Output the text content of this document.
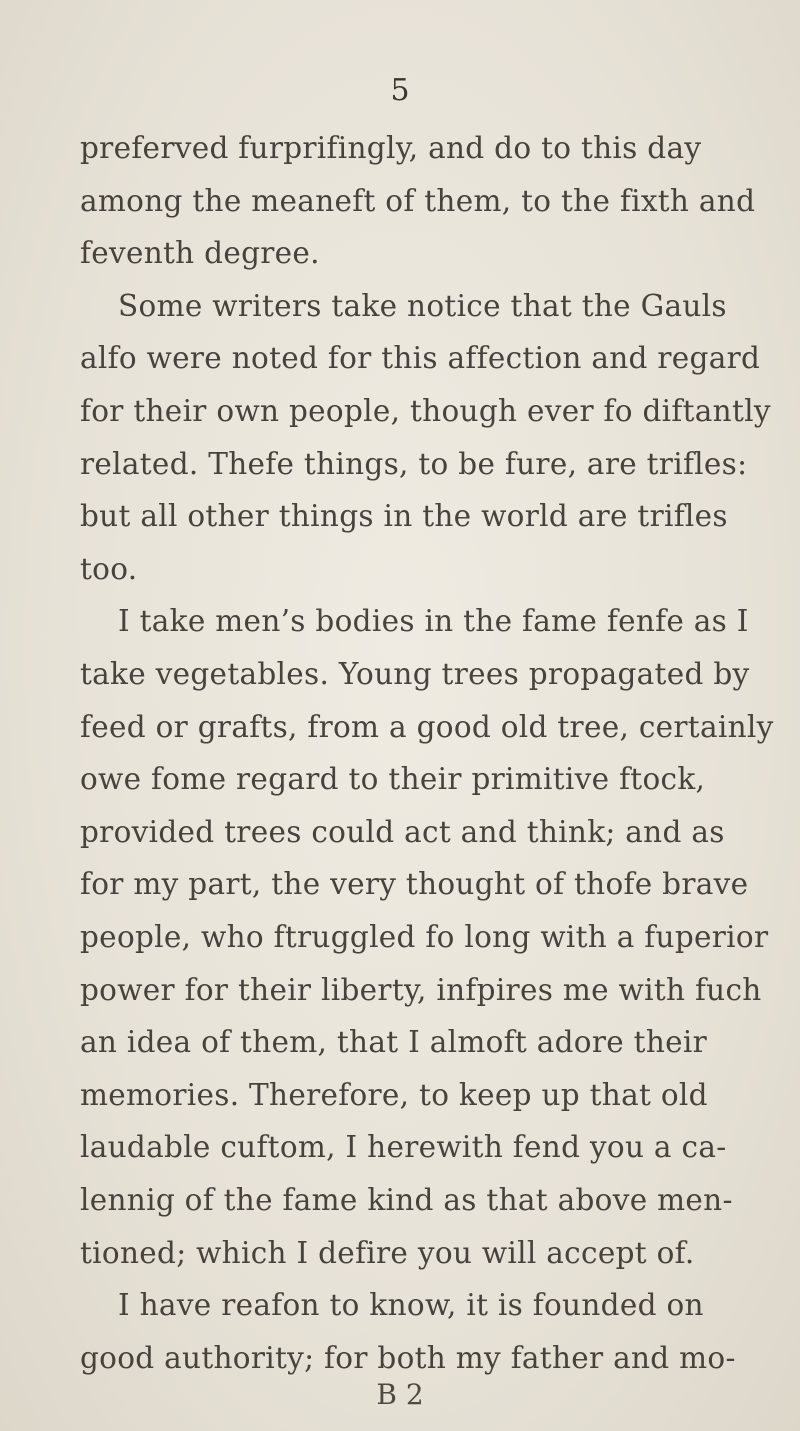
5
preferved furprifingly, and do to this day
among the meaneft of them, to the fixth and
feventh degree.
Some writers take notice that the Gauls
alfo were noted for this affection and regard
for their own people, though ever fo diftantly
related. Thefe things, to be fure, are trifles:
but all other things in the world are trifles
too.
I take men’s bodies in the fame fenfe as I
take vegetables. Young trees propagated by
feed or grafts, from a good old tree, certainly
owe fome regard to their primitive ftock,
provided trees could act and think; and as
for my part, the very thought of thofe brave
people, who ftruggled fo long with a fuperior
power for their liberty, infpires me with fuch
an idea of them, that I almoft adore their
memories. Therefore, to keep up that old
laudable cuftom, I herewith fend you a ca-
lennig of the fame kind as that above men-
tioned; which I defire you will accept of.
I have reafon to know, it is founded on
good authority; for both my father and mo-
B 2
